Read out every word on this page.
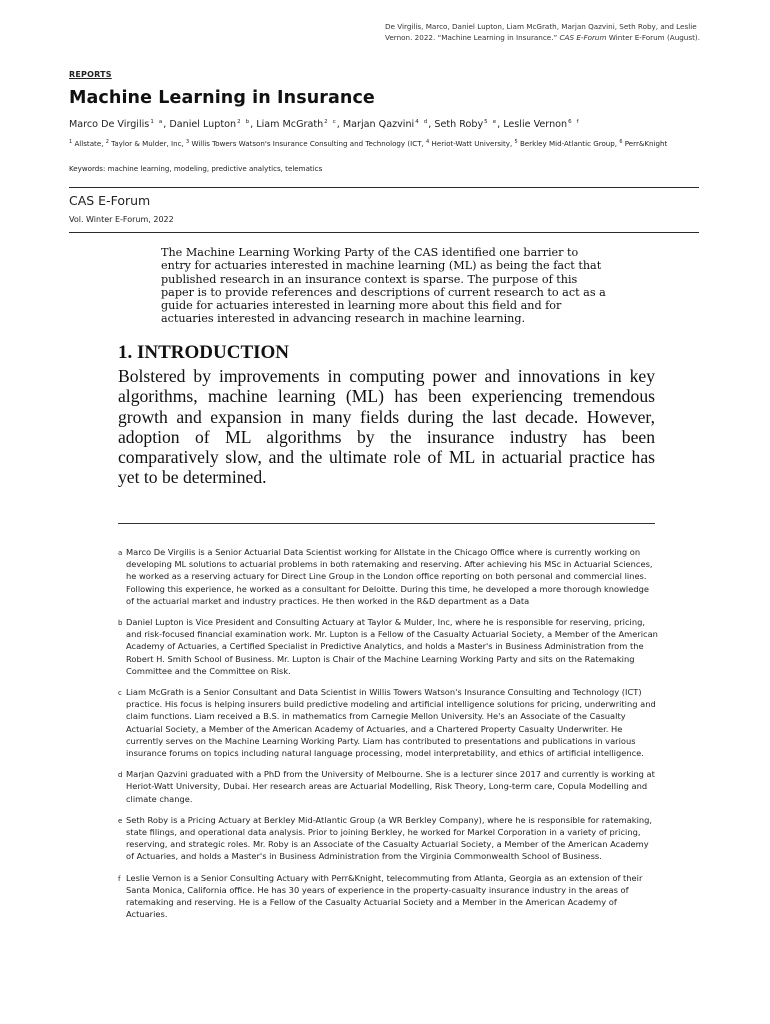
De Virgilis, Marco, Daniel Lupton, Liam McGrath, Marjan Qazvini, Seth Roby, and Leslie Vernon. 2022. “Machine Learning in Insurance.” CAS E-Forum Winter E-Forum (August).
REPORTS
Machine Learning in Insurance
Marco De Virgilis$^1$ $^a$, Daniel Lupton$^2$ $^b$, Liam McGrath$^2$ $^c$, Marjan Qazvini$^4$ $^d$, Seth Roby$^5$ $^e$, Leslie Vernon$^6$ $^f$
$^1$ Allstate, $^2$ Taylor & Mulder, Inc, $^3$ Willis Towers Watson's Insurance Consulting and Technology (ICT, $^4$ Heriot-Watt University, $^5$ Berkley Mid-Atlantic Group, $^6$ Perr&Knight
Keywords: machine learning, modeling, predictive analytics, telematics
CAS E-Forum
Vol. Winter E-Forum, 2022
The Machine Learning Working Party of the CAS identified one barrier to entry for actuaries interested in machine learning (ML) as being the fact that published research in an insurance context is sparse. The purpose of this paper is to provide references and descriptions of current research to act as a guide for actuaries interested in learning more about this field and for actuaries interested in advancing research in machine learning.
1. INTRODUCTION
Bolstered by improvements in computing power and innovations in key algorithms, machine learning (ML) has been experiencing tremendous growth and expansion in many fields during the last decade. However, adoption of ML algorithms by the insurance industry has been comparatively slow, and the ultimate role of ML in actuarial practice has yet to be determined.
a Marco De Virgilis is a Senior Actuarial Data Scientist working for Allstate in the Chicago Office where is currently working on developing ML solutions to actuarial problems in both ratemaking and reserving. After achieving his MSc in Actuarial Sciences, he worked as a reserving actuary for Direct Line Group in the London office reporting on both personal and commercial lines. Following this experience, he worked as a consultant for Deloitte. During this time, he developed a more thorough knowledge of the actuarial market and industry practices. He then worked in the R&D department as a Data
b Daniel Lupton is Vice President and Consulting Actuary at Taylor & Mulder, Inc, where he is responsible for reserving, pricing, and risk-focused financial examination work. Mr. Lupton is a Fellow of the Casualty Actuarial Society, a Member of the American Academy of Actuaries, a Certified Specialist in Predictive Analytics, and holds a Master's in Business Administration from the Robert H. Smith School of Business. Mr. Lupton is Chair of the Machine Learning Working Party and sits on the Ratemaking Committee and the Committee on Risk.
c Liam McGrath is a Senior Consultant and Data Scientist in Willis Towers Watson's Insurance Consulting and Technology (ICT) practice. His focus is helping insurers build predictive modeling and artificial intelligence solutions for pricing, underwriting and claim functions. Liam received a B.S. in mathematics from Carnegie Mellon University. He's an Associate of the Casualty Actuarial Society, a Member of the American Academy of Actuaries, and a Chartered Property Casualty Underwriter. He currently serves on the Machine Learning Working Party. Liam has contributed to presentations and publications in various insurance forums on topics including natural language processing, model interpretability, and ethics of artificial intelligence.
d Marjan Qazvini graduated with a PhD from the University of Melbourne. She is a lecturer since 2017 and currently is working at Heriot-Watt University, Dubai. Her research areas are Actuarial Modelling, Risk Theory, Long-term care, Copula Modelling and climate change.
e Seth Roby is a Pricing Actuary at Berkley Mid-Atlantic Group (a WR Berkley Company), where he is responsible for ratemaking, state filings, and operational data analysis. Prior to joining Berkley, he worked for Markel Corporation in a variety of pricing, reserving, and strategic roles. Mr. Roby is an Associate of the Casualty Actuarial Society, a Member of the American Academy of Actuaries, and holds a Master's in Business Administration from the Virginia Commonwealth School of Business.
f Leslie Vernon is a Senior Consulting Actuary with Perr&Knight, telecommuting from Atlanta, Georgia as an extension of their Santa Monica, California office. He has 30 years of experience in the property-casualty insurance industry in the areas of ratemaking and reserving. He is a Fellow of the Casualty Actuarial Society and a Member in the American Academy of Actuaries.
